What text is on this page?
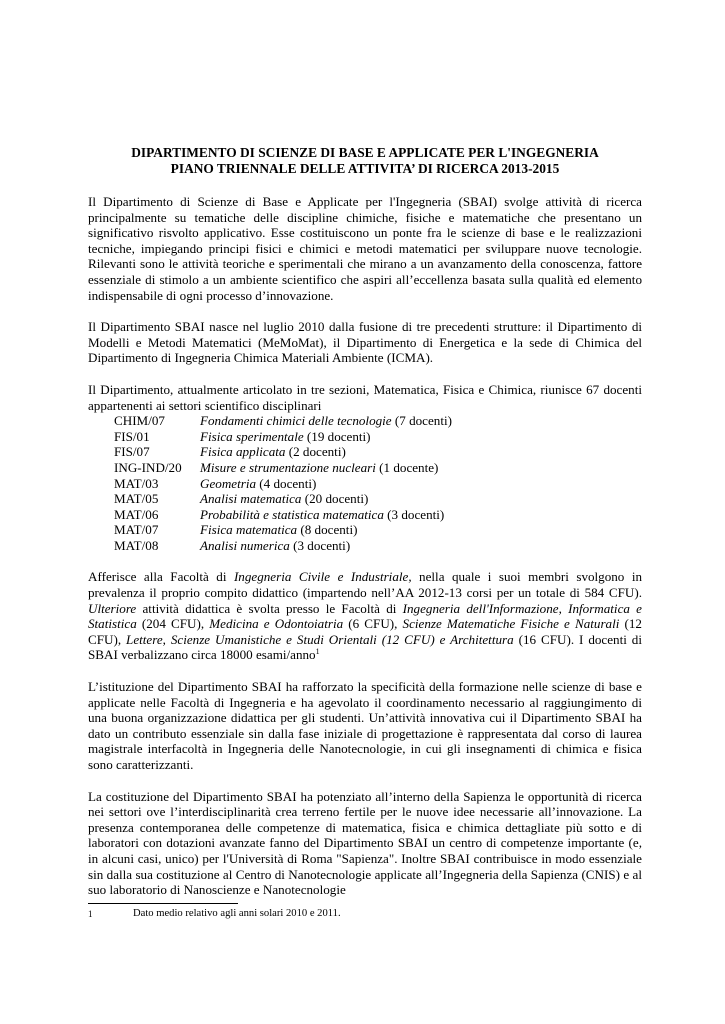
DIPARTIMENTO DI SCIENZE DI BASE E APPLICATE PER L'INGEGNERIA
PIANO TRIENNALE DELLE ATTIVITA’ DI RICERCA 2013-2015

Il Dipartimento di Scienze di Base e Applicate per l'Ingegneria (SBAI) svolge attività di ricerca principalmente su tematiche delle discipline chimiche, fisiche e matematiche che presentano un significativo risvolto applicativo. Esse costituiscono un ponte fra le scienze di base e le realizzazioni tecniche, impiegando principi fisici e chimici e metodi matematici per sviluppare nuove tecnologie. Rilevanti sono le attività teoriche e sperimentali che mirano a un avanzamento della conoscenza, fattore essenziale di stimolo a un ambiente scientifico che aspiri all’eccellenza basata sulla qualità ed elemento indispensabile di ogni processo d’innovazione.

Il Dipartimento SBAI nasce nel luglio 2010 dalla fusione di tre precedenti strutture: il Dipartimento di Modelli e Metodi Matematici (MeMoMat), il Dipartimento di Energetica e la sede di Chimica del Dipartimento di Ingegneria Chimica Materiali Ambiente (ICMA).

Il Dipartimento, attualmente articolato in tre sezioni, Matematica, Fisica e Chimica, riunisce 67 docenti appartenenti ai settori scientifico disciplinari

CHIM/07	Fondamenti chimici delle tecnologie (7 docenti)
FIS/01	Fisica sperimentale (19 docenti)
FIS/07	Fisica applicata (2 docenti)
ING-IND/20	Misure e strumentazione nucleari (1 docente)
MAT/03	Geometria (4 docenti)
MAT/05	Analisi matematica (20 docenti)
MAT/06	Probabilità e statistica matematica (3 docenti)
MAT/07	Fisica matematica (8 docenti)
MAT/08	Analisi numerica (3 docenti)

Afferisce alla Facoltà di Ingegneria Civile e Industriale, nella quale i suoi membri svolgono in prevalenza il proprio compito didattico (impartendo nell’AA 2012-13 corsi per un totale di 584 CFU). Ulteriore attività didattica è svolta presso le Facoltà di Ingegneria dell'Informazione, Informatica e Statistica (204 CFU), Medicina e Odontoiatria (6 CFU), Scienze Matematiche Fisiche e Naturali (12 CFU), Lettere, Scienze Umanistiche e Studi Orientali (12 CFU) e Architettura (16 CFU). I docenti di SBAI verbalizzano circa 18000 esami/anno$^1$

L’istituzione del Dipartimento SBAI ha rafforzato la specificità della formazione nelle scienze di base e applicate nelle Facoltà di Ingegneria e ha agevolato il coordinamento necessario al raggiungimento di una buona organizzazione didattica per gli studenti. Un’attività innovativa cui il Dipartimento SBAI ha dato un contributo essenziale sin dalla fase iniziale di progettazione è rappresentata dal corso di laurea magistrale interfacoltà in Ingegneria delle Nanotecnologie, in cui gli insegnamenti di chimica e fisica sono caratterizzanti.

La costituzione del Dipartimento SBAI ha potenziato all’interno della Sapienza le opportunità di ricerca nei settori ove l’interdisciplinarità crea terreno fertile per le nuove idee necessarie all’innovazione. La presenza contemporanea delle competenze di matematica, fisica e chimica dettagliate più sotto e di laboratori con dotazioni avanzate fanno del Dipartimento SBAI un centro di competenze importante (e, in alcuni casi, unico) per l'Università di Roma "Sapienza". Inoltre SBAI contribuisce in modo essenziale sin dalla sua costituzione al Centro di Nanotecnologie applicate all’Ingegneria della Sapienza (CNIS) e al suo laboratorio di Nanoscienze e Nanotecnologie

1	Dato medio relativo agli anni solari 2010 e 2011.
